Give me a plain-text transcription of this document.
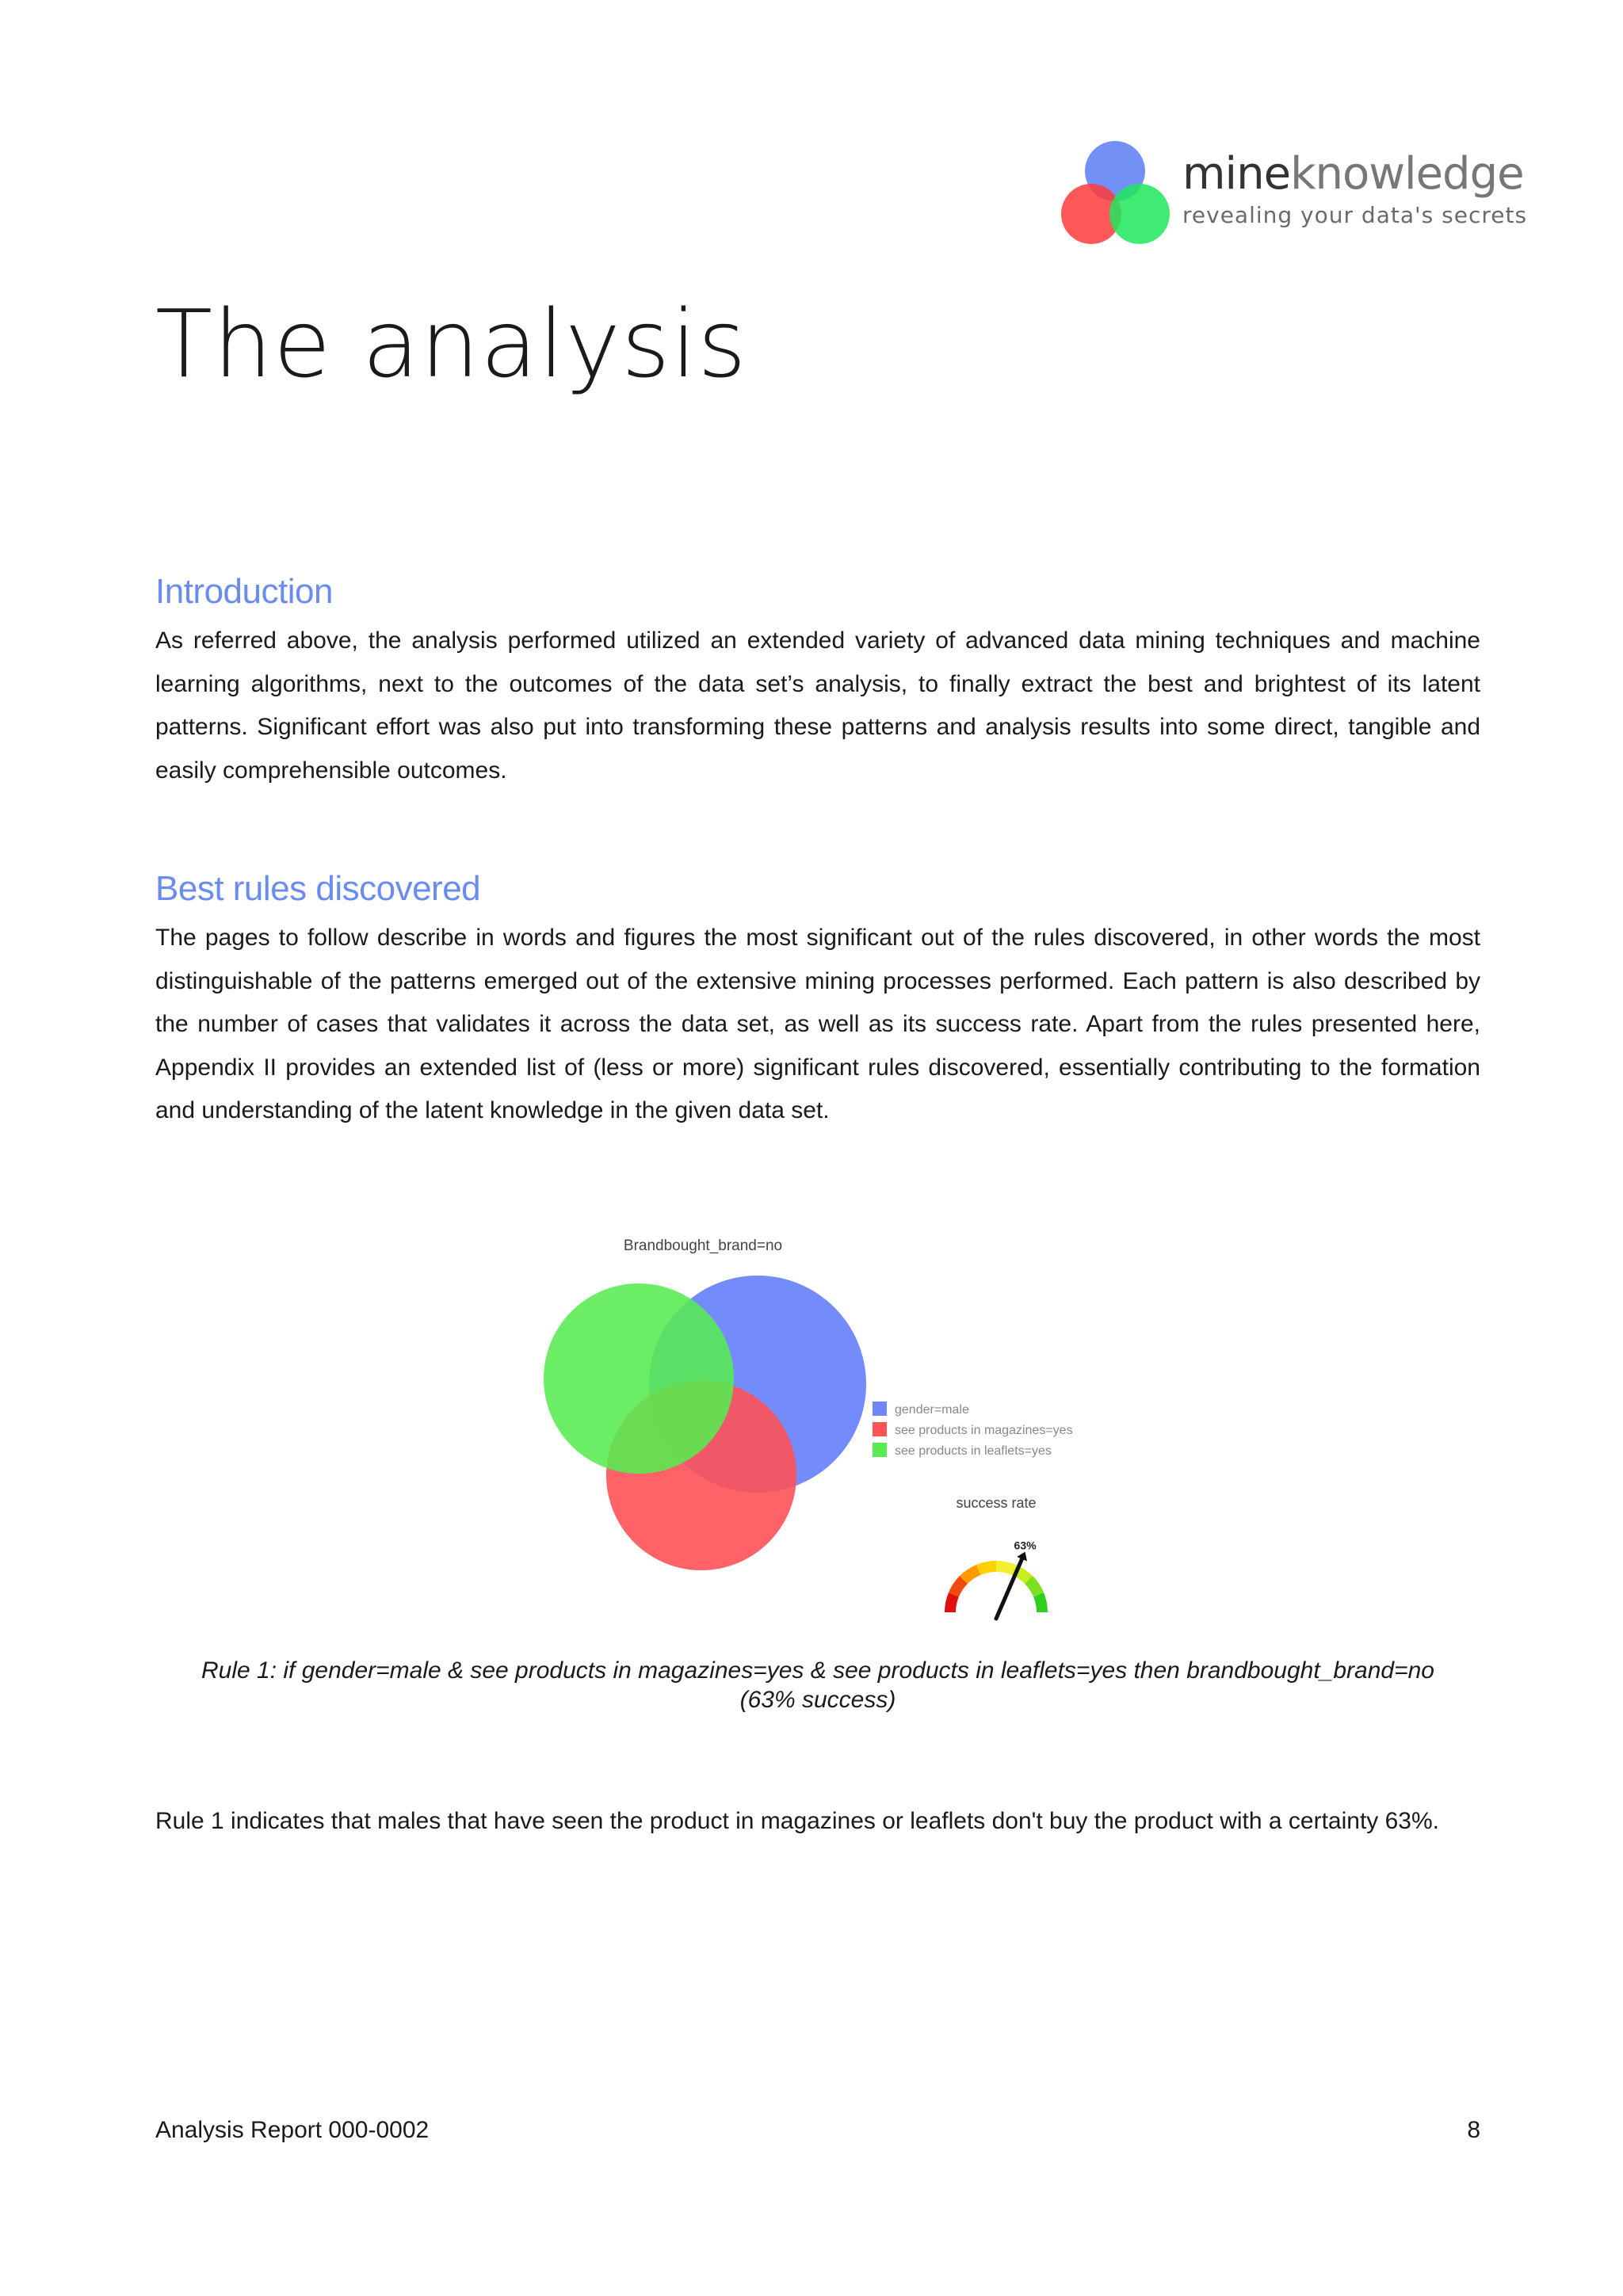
mineknowledge
revealing your data's secrets
The analysis
Introduction

As referred above, the analysis performed utilized an extended variety of advanced data mining techniques and machine learning algorithms, next to the outcomes of the data set’s analysis, to finally extract the best and brightest of its latent patterns. Significant effort was also put into transforming these patterns and analysis results into some direct, tangible and easily comprehensible outcomes.

Best rules discovered

The pages to follow describe in words and figures the most significant out of the rules discovered, in other words the most distinguishable of the patterns emerged out of the extensive mining processes performed. Each pattern is also described by the number of cases that validates it across the data set, as well as its success rate. Apart from the rules presented here, Appendix II provides an extended list of (less or more) significant rules discovered, essentially contributing to the formation and understanding of the latent knowledge in the given data set.

Brandbought_brand=no
gender=male
see products in magazines=yes
see products in leaflets=yes
success rate
63%

Rule 1: if gender=male & see products in magazines=yes & see products in leaflets=yes then brandbought_brand=no
(63% success)

Rule 1 indicates that males that have seen the product in magazines or leaflets don't buy the product with a certainty 63%.

Analysis Report 000-0002	8
